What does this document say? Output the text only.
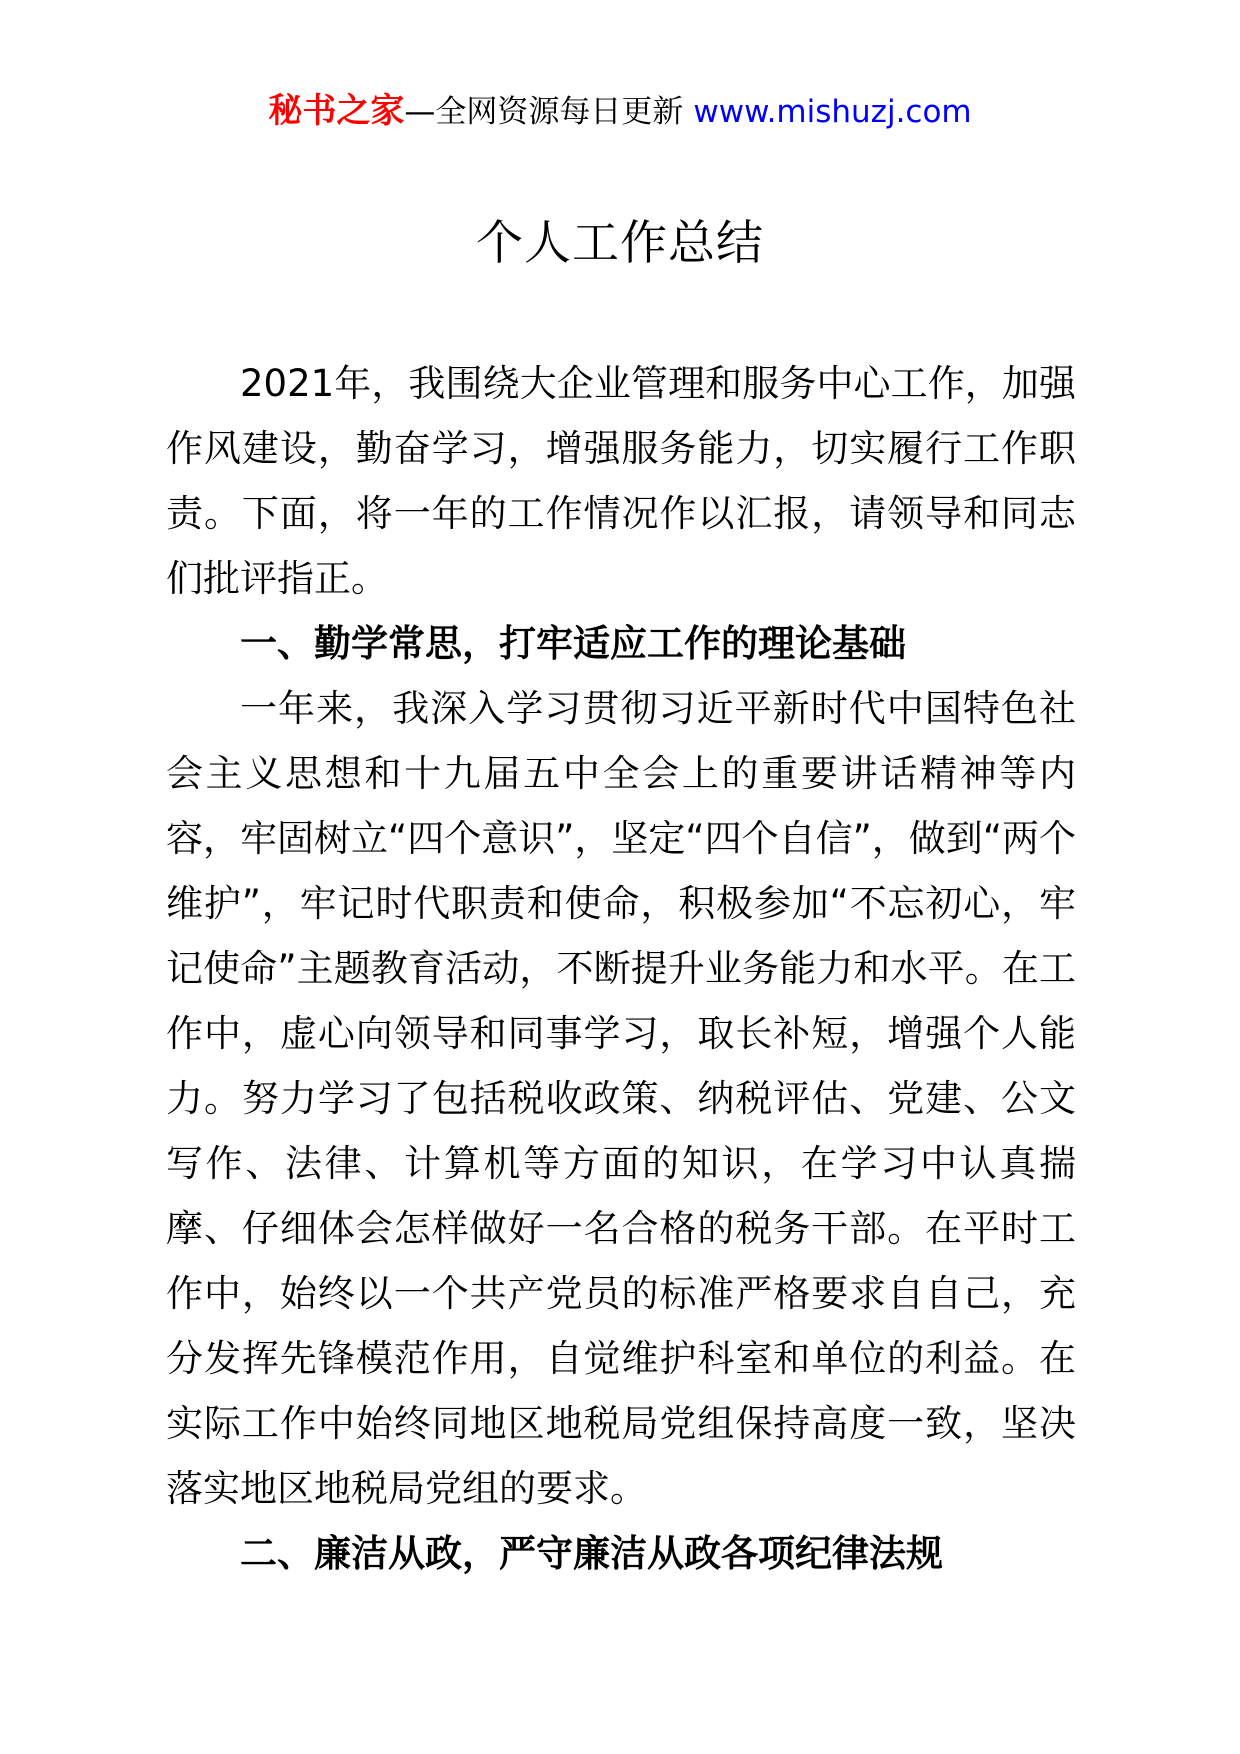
秘书之家—全网资源每日更新 www.mishuzj.com
个人工作总结

2021年，我围绕大企业管理和服务中心工作，加强作风建设，勤奋学习，增强服务能力，切实履行工作职责。下面，将一年的工作情况作以汇报，请领导和同志们批评指正。

一、勤学常思，打牢适应工作的理论基础

一年来，我深入学习贯彻习近平新时代中国特色社会主义思想和十九届五中全会上的重要讲话精神等内容，牢固树立“四个意识”，坚定“四个自信”，做到“两个维护”，牢记时代职责和使命，积极参加“不忘初心，牢记使命”主题教育活动，不断提升业务能力和水平。在工作中，虚心向领导和同事学习，取长补短，增强个人能力。努力学习了包括税收政策、纳税评估、党建、公文写作、法律、计算机等方面的知识，在学习中认真揣摩、仔细体会怎样做好一名合格的税务干部。在平时工作中，始终以一个共产党员的标准严格要求自自己，充分发挥先锋模范作用，自觉维护科室和单位的利益。在实际工作中始终同地区地税局党组保持高度一致，坚决落实地区地税局党组的要求。

二、廉洁从政，严守廉洁从政各项纪律法规
